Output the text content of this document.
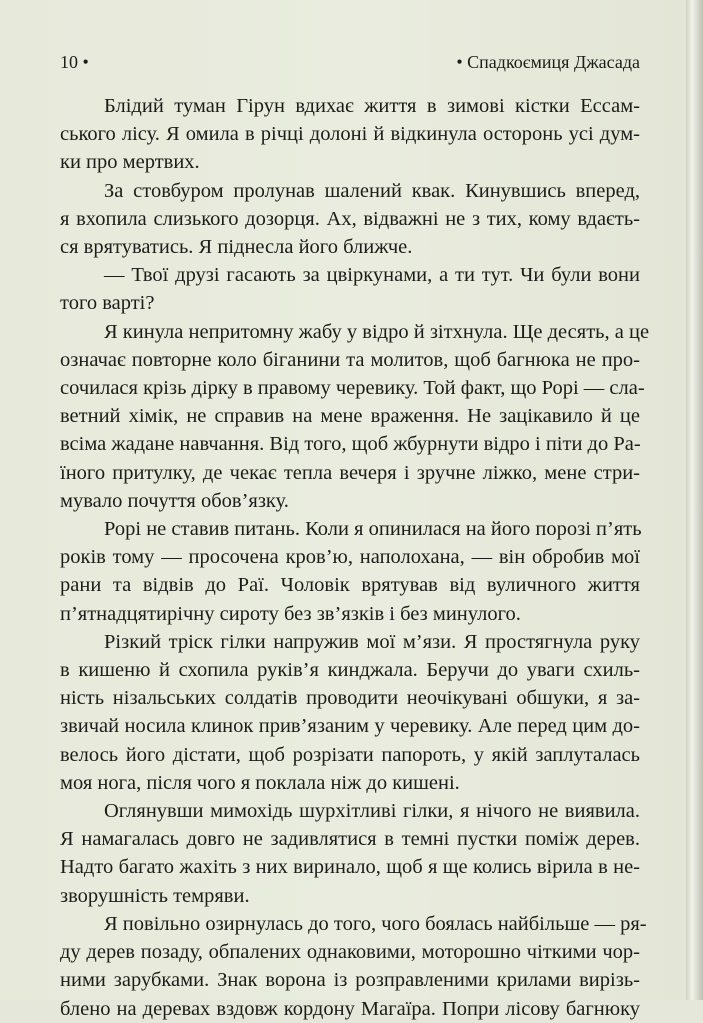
10 •	• Спадкоємиця Джасада

Блідий туман Гірун вдихає життя в зимові кістки Ессам-
ського лісу. Я омила в річці долоні й відкинула осторонь усі дум-
ки про мертвих.

За стовбуром пролунав шалений квак. Кинувшись вперед,
я вхопила слизького дозорця. Ах, відважні не з тих, кому вдаєть-
ся врятуватись. Я піднесла його ближче.

— Твої друзі гасають за цвіркунами, а ти тут. Чи були вони
того варті?

Я кинула непритомну жабу у відро й зітхнула. Ще десять, а це
означає повторне коло біганини та молитов, щоб багнюка не про-
сочилася крізь дірку в правому черевику. Той факт, що Рорі — сла-
ветний хімік, не справив на мене враження. Не зацікавило й це
всіма жадане навчання. Від того, щоб жбурнути відро і піти до Ра-
їного притулку, де чекає тепла вечеря і зручне ліжко, мене стри-
мувало почуття обов’язку.

Рорі не ставив питань. Коли я опинилася на його порозі п’ять
років тому — просочена кров’ю, наполохана, — він обробив мої
рани та відвів до Раї. Чоловік врятував від вуличного життя
п’ятнадцятирічну сироту без зв’язків і без минулого.

Різкий тріск гілки напружив мої м’язи. Я простягнула руку
в кишеню й схопила руків’я кинджала. Беручи до уваги схиль-
ність нізальських солдатів проводити неочікувані обшуки, я за-
звичай носила клинок прив’язаним у черевику. Але перед цим до-
велось його дістати, щоб розрізати папороть, у якій заплуталась
моя нога, після чого я поклала ніж до кишені.

Оглянувши мимохідь шурхітливі гілки, я нічого не виявила.
Я намагалась довго не задивлятися в темні пустки поміж дерев.
Надто багато жахіть з них виринало, щоб я ще колись вірила в не-
зворушність темряви.

Я повільно озирнулась до того, чого боялась найбільше — ря-
ду дерев позаду, обпалених однаковими, моторошно чіткими чор-
ними зарубками. Знак ворона із розправленими крилами вирізь-
блено на деревах вздовж кордону Магаїра. Попри лісову багнюку
